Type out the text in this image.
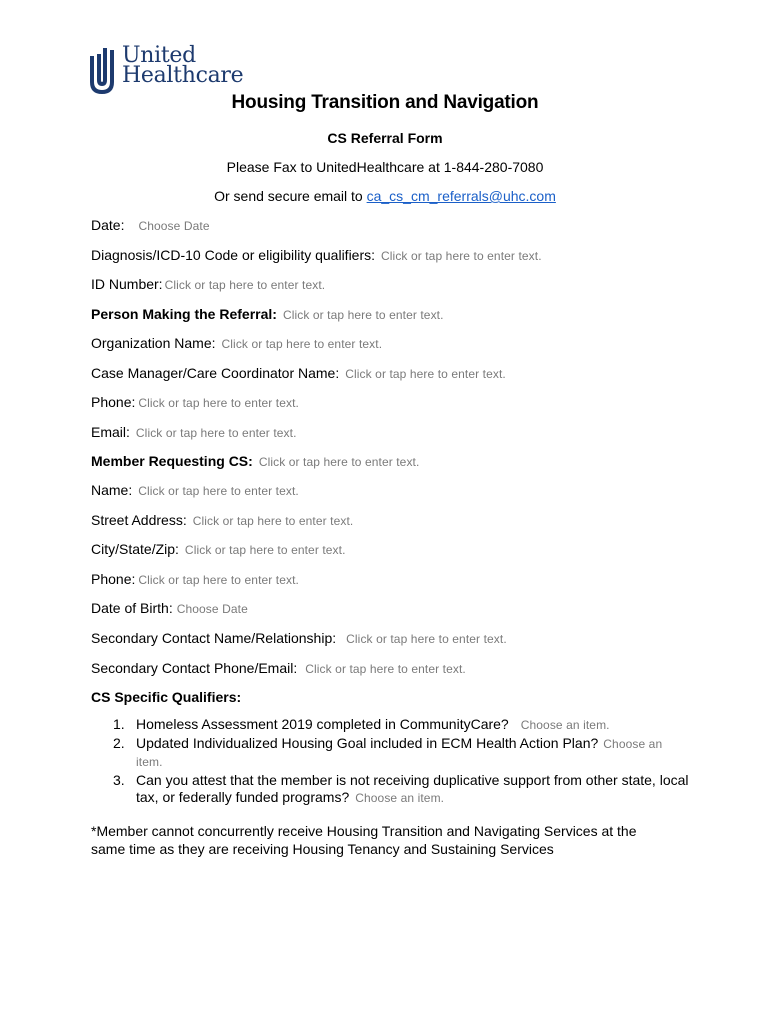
United
Healthcare
Housing Transition and Navigation
CS Referral Form
Please Fax to UnitedHealthcare at 1-844-280-7080
Or send secure email to ca_cs_cm_referrals@uhc.com
Date: Choose Date
Diagnosis/ICD-10 Code or eligibility qualifiers: Click or tap here to enter text.
ID Number: Click or tap here to enter text.
Person Making the Referral: Click or tap here to enter text.
Organization Name: Click or tap here to enter text.
Case Manager/Care Coordinator Name: Click or tap here to enter text.
Phone: Click or tap here to enter text.
Email: Click or tap here to enter text.
Member Requesting CS: Click or tap here to enter text.
Name: Click or tap here to enter text.
Street Address: Click or tap here to enter text.
City/State/Zip: Click or tap here to enter text.
Phone: Click or tap here to enter text.
Date of Birth: Choose Date
Secondary Contact Name/Relationship: Click or tap here to enter text.
Secondary Contact Phone/Email: Click or tap here to enter text.
CS Specific Qualifiers:
1. Homeless Assessment 2019 completed in CommunityCare? Choose an item.
2. Updated Individualized Housing Goal included in ECM Health Action Plan? Choose an item.
3. Can you attest that the member is not receiving duplicative support from other state, local tax, or federally funded programs? Choose an item.
*Member cannot concurrently receive Housing Transition and Navigating Services at the same time as they are receiving Housing Tenancy and Sustaining Services
